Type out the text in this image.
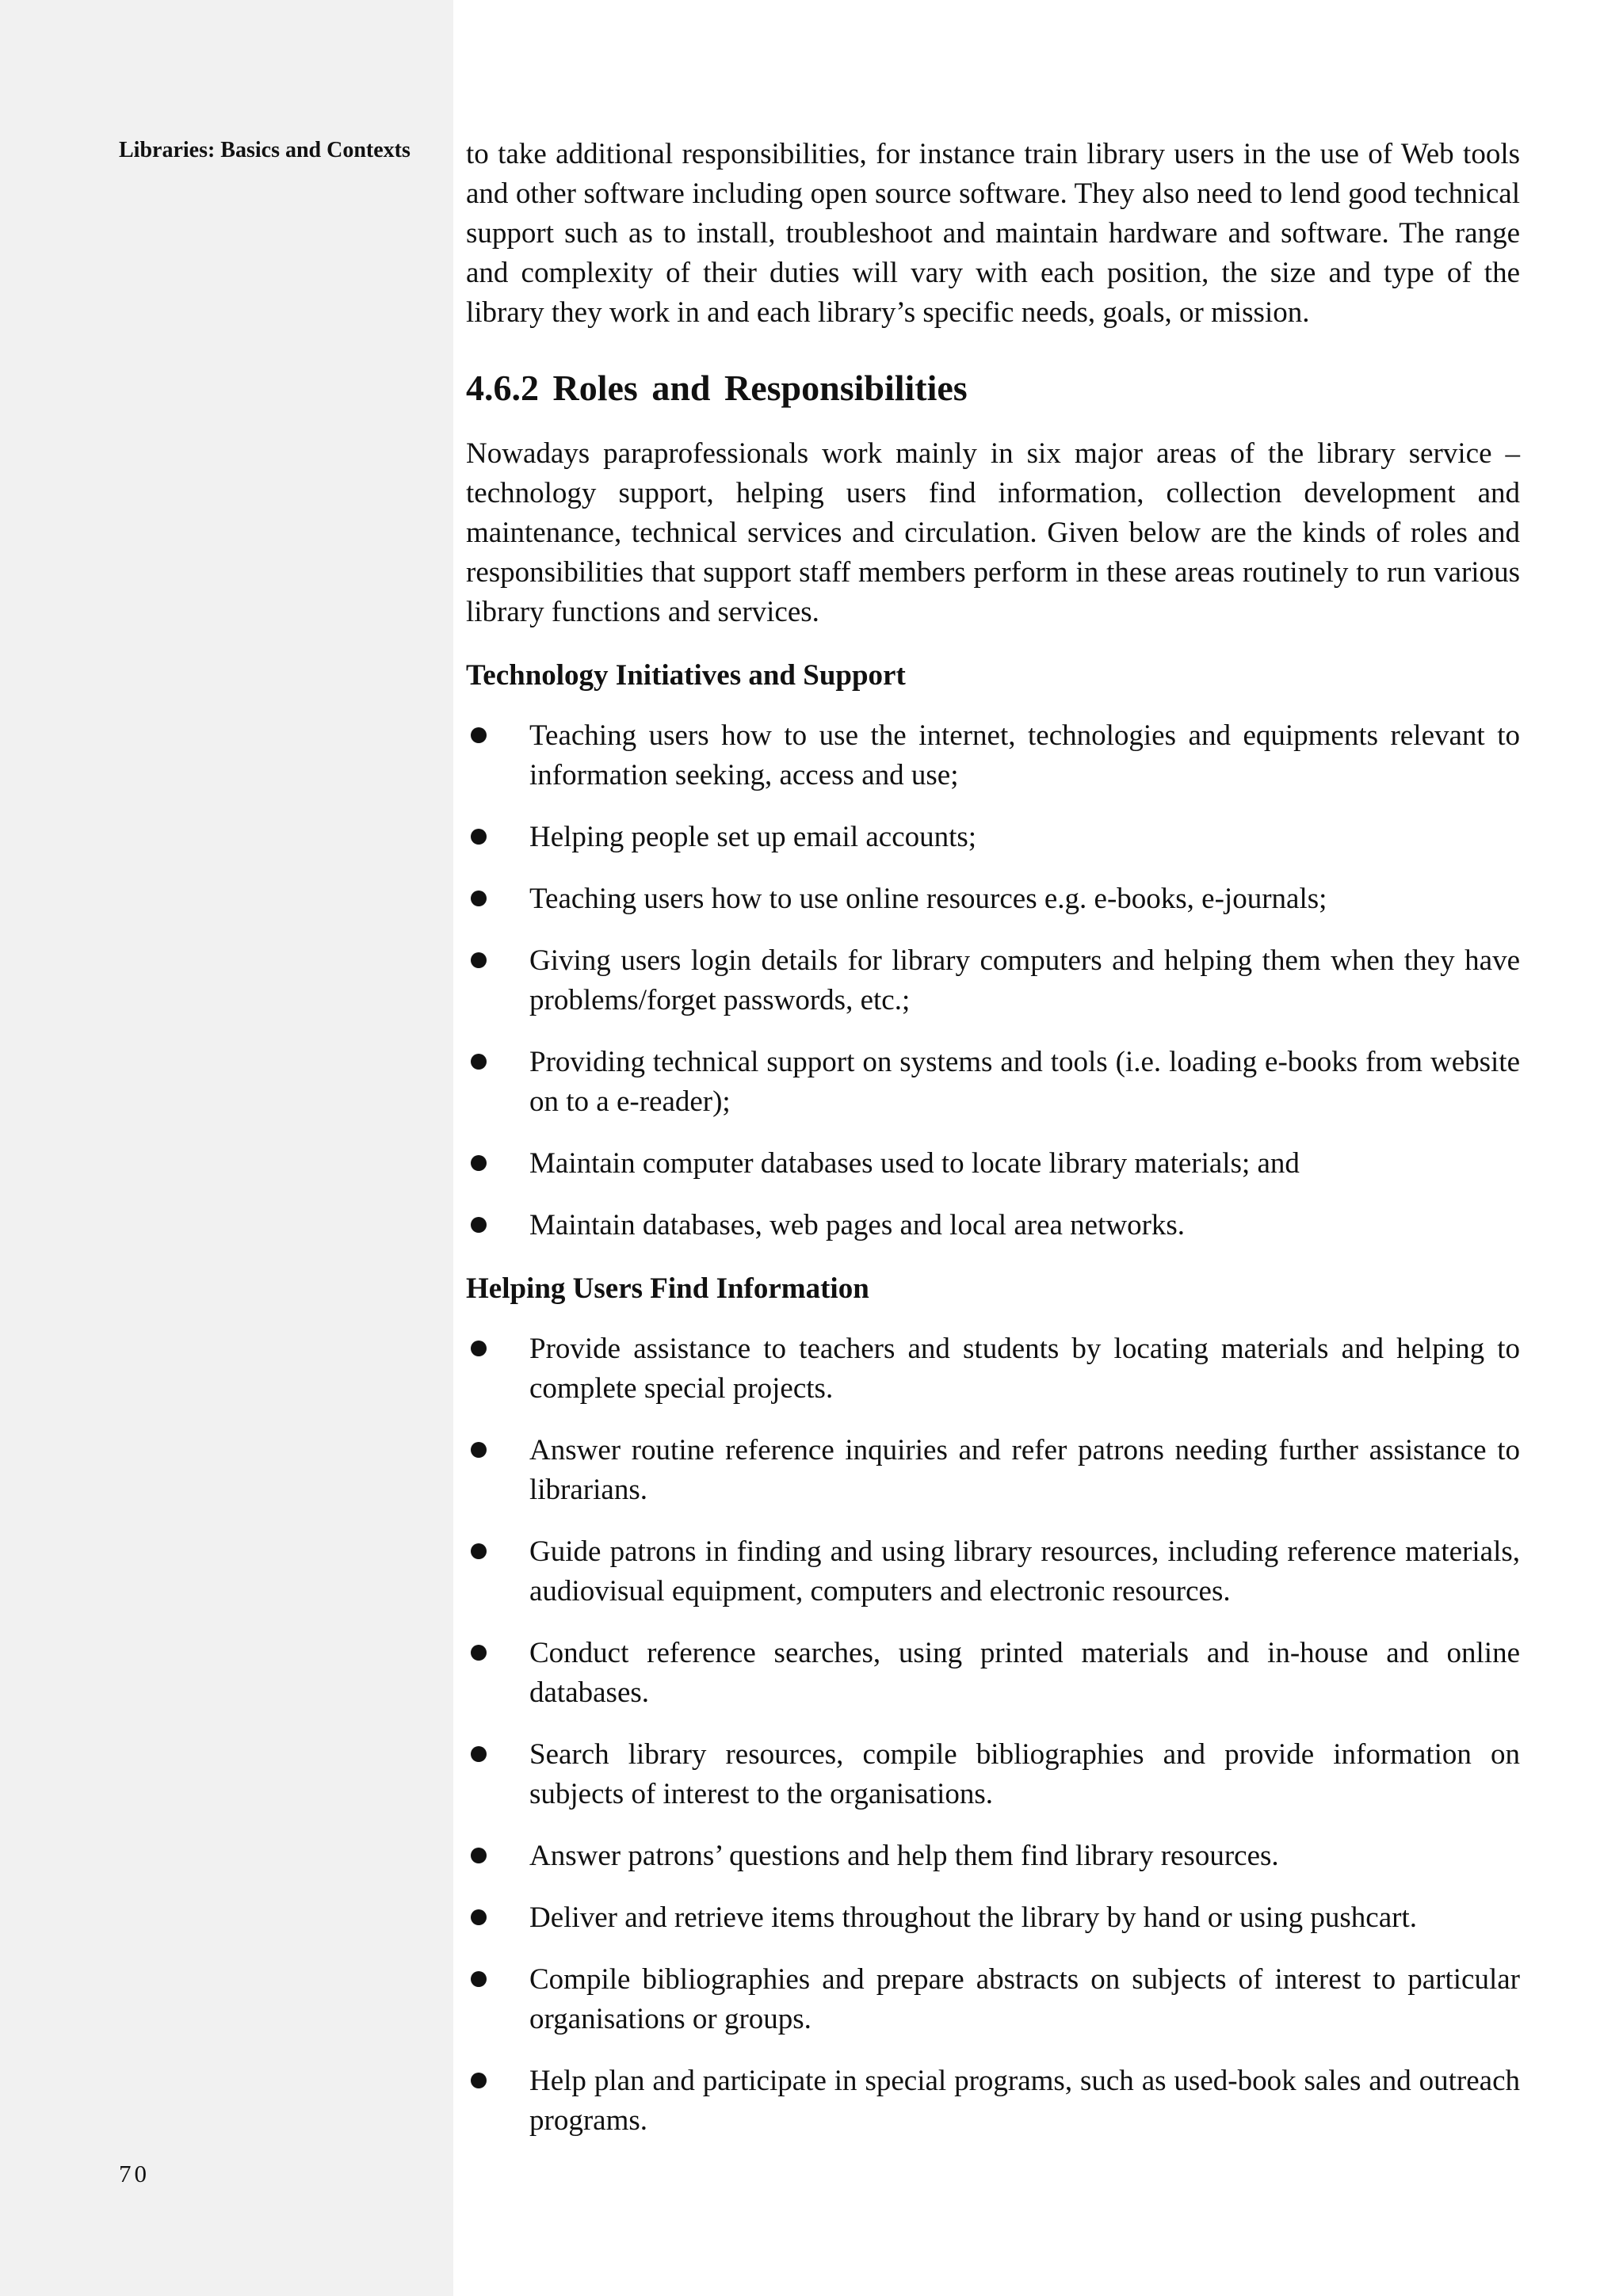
Libraries: Basics and Contexts to take additional responsibilities, for instance train library users in the use of Web tools and other software including open source software. They also need to lend good technical support such as to install, troubleshoot and maintain hardware and software. The range and complexity of their duties will vary with each position, the size and type of the library they work in and each library’s specific needs, goals, or mission.

4.6.2 Roles and Responsibilities

Nowadays paraprofessionals work mainly in six major areas of the library service – technology support, helping users find information, collection development and maintenance, technical services and circulation. Given below are the kinds of roles and responsibilities that support staff members perform in these areas routinely to run various library functions and services.

Technology Initiatives and Support
Teaching users how to use the internet, technologies and equipments relevant to information seeking, access and use;
Helping people set up email accounts;
Teaching users how to use online resources e.g. e-books, e-journals;
Giving users login details for library computers and helping them when they have problems/forget passwords, etc.;
Providing technical support on systems and tools (i.e. loading e-books from website on to a e-reader);
Maintain computer databases used to locate library materials; and
Maintain databases, web pages and local area networks.
Helping Users Find Information
Provide assistance to teachers and students by locating materials and helping to complete special projects.
Answer routine reference inquiries and refer patrons needing further assistance to librarians.
Guide patrons in finding and using library resources, including reference materials, audiovisual equipment, computers and electronic resources.
Conduct reference searches, using printed materials and in-house and online databases.
Search library resources, compile bibliographies and provide information on subjects of interest to the organisations.
Answer patrons’ questions and help them find library resources.
Deliver and retrieve items throughout the library by hand or using pushcart.
Compile bibliographies and prepare abstracts on subjects of interest to particular organisations or groups.
Help plan and participate in special programs, such as used-book sales and outreach programs.
70
